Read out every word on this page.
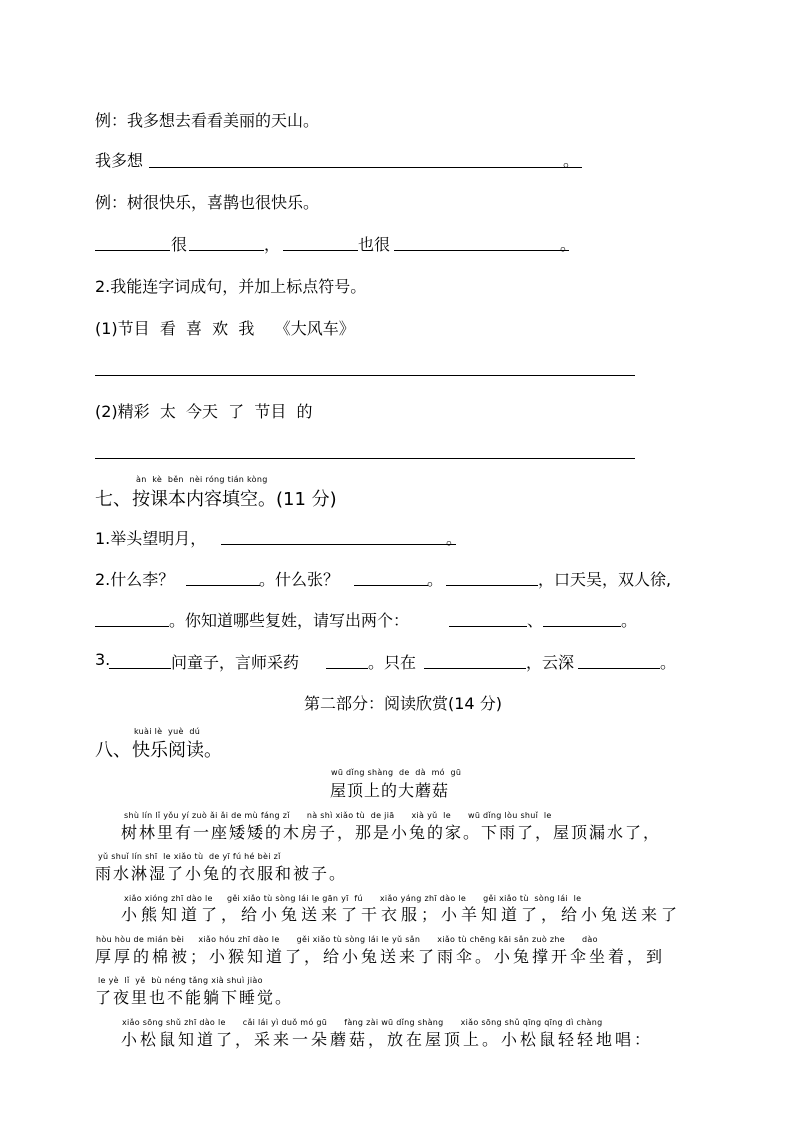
例：我多想去看看美丽的天山。
我多想	。
例：树很快乐，喜鹊也很快乐。
很	，	也很	。
2.我能连字词成句，并加上标点符号。
(1)节目  看  喜  欢  我    《大风车》
(2)精彩  太  今天  了  节目  的
àn  kè  běn  nèi róng tián kòng
七、 按课本内容填空。(11 分)
1.举头望明月，	。
2.什么李？	。什么张？	。	，口天吴，双人徐,
。你知道哪些复姓，请写出两个：	、	。
3.	问童子，言师采药	。只在	，云深	。
第二部分：阅读欣赏(14 分)
kuài lè  yuè  dú
八、 快乐阅读。
wū dǐng shàng  de  dà  mó  gū
屋顶上的大蘑菇
shù lín lǐ yǒu yí zuò ǎi ǎi de mù fáng zǐ      nà shì xiǎo tù  de jiā      xià yǔ  le      wū dǐng lòu shuǐ  le
树林里有一座矮矮的木房子，那是小兔的家。下雨了，屋顶漏水了，
yǔ shuǐ lín shī  le xiǎo tù  de yī fú hé bèi zǐ
雨水淋湿了小兔的衣服和被子。
xiǎo xióng zhī dào le     gěi xiǎo tù sòng lái le gān yī  fú      xiǎo yáng zhī dào le      gěi xiǎo tù  sòng lái  le
小熊知道了，给小兔送来了干衣服；小羊知道了，给小兔送来了
hòu hòu de mián bèi     xiǎo hóu zhī dào le      gěi xiǎo tù sòng lái le yǔ sǎn      xiǎo tù chēng kāi sǎn zuò zhe      dào
厚厚的棉被；小猴知道了，给小兔送来了雨伞。小兔撑开伞坐着，到
le yè  lǐ  yě  bù néng tǎng xià shuì jiào
了夜里也不能躺下睡觉。
xiǎo sōng shǔ zhī dào le      cǎi lái yì duǒ mó gū      fàng zài wū dǐng shàng      xiǎo sōng shǔ qīng qīng dì chàng
小松鼠知道了，采来一朵蘑菇，放在屋顶上。小松鼠轻轻地唱：
